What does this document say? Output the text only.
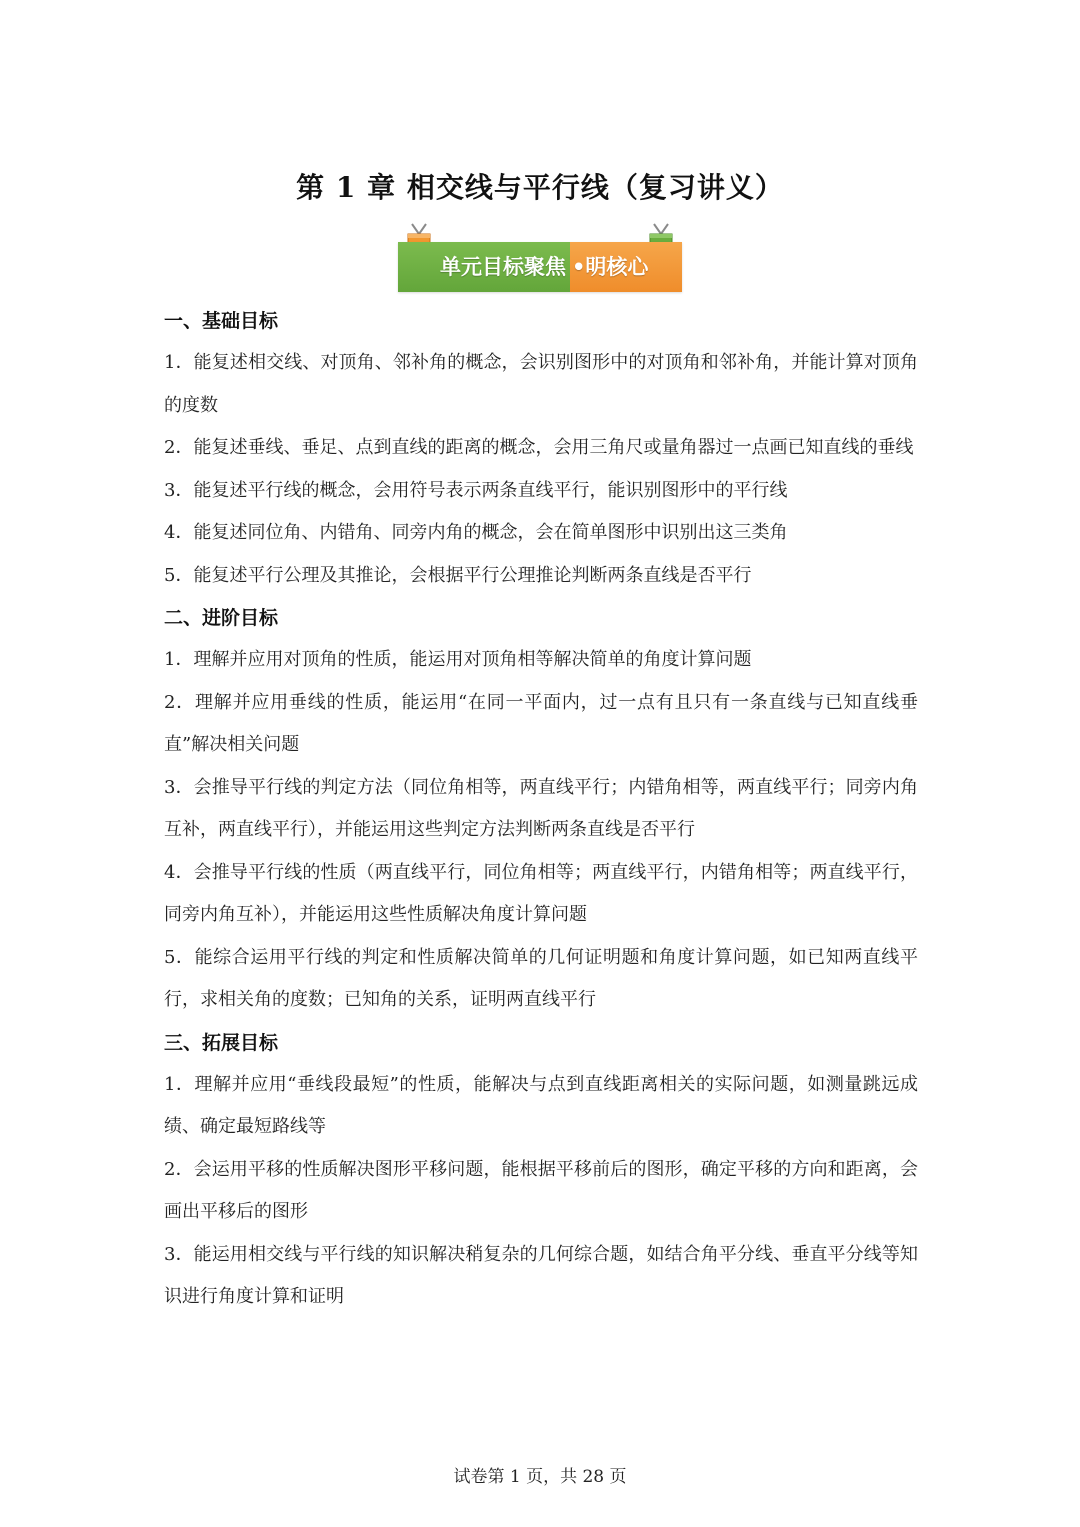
第 1 章 相交线与平行线（复习讲义）
单元目标聚焦 •明核心
一、基础目标

1．能复述相交线、对顶角、邻补角的概念，会识别图形中的对顶角和邻补角，并能计算对顶角的度数

2．能复述垂线、垂足、点到直线的距离的概念，会用三角尺或量角器过一点画已知直线的垂线

3．能复述平行线的概念，会用符号表示两条直线平行，能识别图形中的平行线

4．能复述同位角、内错角、同旁内角的概念，会在简单图形中识别出这三类角

5．能复述平行公理及其推论，会根据平行公理推论判断两条直线是否平行

二、进阶目标

1．理解并应用对顶角的性质，能运用对顶角相等解决简单的角度计算问题

2．理解并应用垂线的性质，能运用“在同一平面内，过一点有且只有一条直线与已知直线垂直”解决相关问题

3．会推导平行线的判定方法（同位角相等，两直线平行；内错角相等，两直线平行；同旁内角互补，两直线平行），并能运用这些判定方法判断两条直线是否平行

4．会推导平行线的性质（两直线平行，同位角相等；两直线平行，内错角相等；两直线平行，同旁内角互补），并能运用这些性质解决角度计算问题

5．能综合运用平行线的判定和性质解决简单的几何证明题和角度计算问题，如已知两直线平行，求相关角的度数；已知角的关系，证明两直线平行

三、拓展目标

1．理解并应用“垂线段最短”的性质，能解决与点到直线距离相关的实际问题，如测量跳远成绩、确定最短路线等

2．会运用平移的性质解决图形平移问题，能根据平移前后的图形，确定平移的方向和距离，会画出平移后的图形

3．能运用相交线与平行线的知识解决稍复杂的几何综合题，如结合角平分线、垂直平分线等知识进行角度计算和证明

试卷第 1 页，共 28 页
